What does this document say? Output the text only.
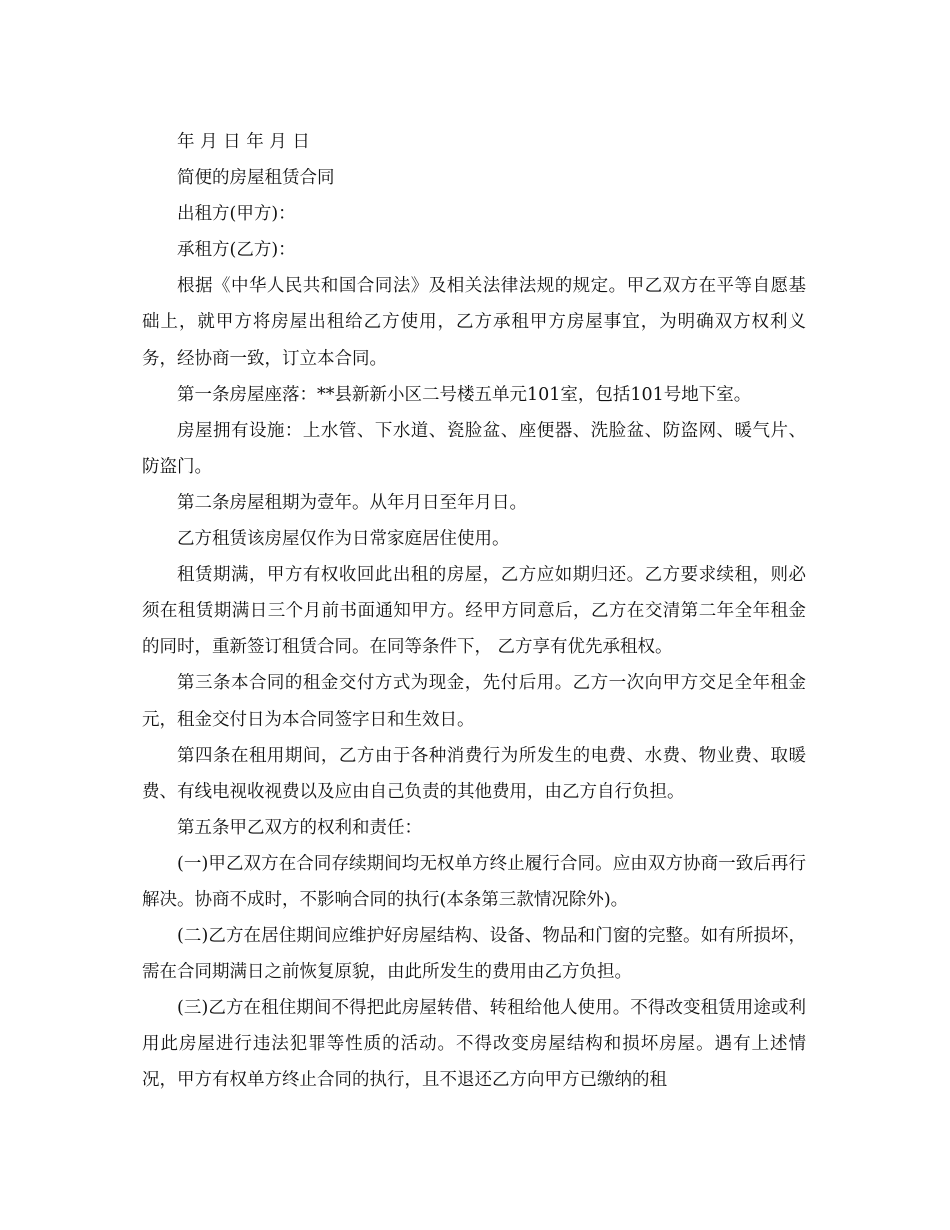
年 月 日 年 月 日

简便的房屋租赁合同

出租方(甲方)：

承租方(乙方)：

根据《中华人民共和国合同法》及相关法律法规的规定。甲乙双方在平等自愿基础上，就甲方将房屋出租给乙方使用，乙方承租甲方房屋事宜，为明确双方权利义务，经协商一致，订立本合同。

第一条房屋座落：**县新新小区二号楼五单元101室，包括101号地下室。

房屋拥有设施：上水管、下水道、瓷脸盆、座便器、洗脸盆、防盗网、暖气片、防盗门。

第二条房屋租期为壹年。从年月日至年月日。

乙方租赁该房屋仅作为日常家庭居住使用。

租赁期满，甲方有权收回此出租的房屋，乙方应如期归还。乙方要求续租，则必须在租赁期满日三个月前书面通知甲方。经甲方同意后，乙方在交清第二年全年租金的同时，重新签订租赁合同。在同等条件下， 乙方享有优先承租权。

第三条本合同的租金交付方式为现金，先付后用。乙方一次向甲方交足全年租金元，租金交付日为本合同签字日和生效日。

第四条在租用期间，乙方由于各种消费行为所发生的电费、水费、物业费、取暖费、有线电视收视费以及应由自己负责的其他费用，由乙方自行负担。

第五条甲乙双方的权利和责任：

(一)甲乙双方在合同存续期间均无权单方终止履行合同。应由双方协商一致后再行解决。协商不成时，不影响合同的执行(本条第三款情况除外)。

(二)乙方在居住期间应维护好房屋结构、设备、物品和门窗的完整。如有所损坏，需在合同期满日之前恢复原貌，由此所发生的费用由乙方负担。

(三)乙方在租住期间不得把此房屋转借、转租给他人使用。不得改变租赁用途或利用此房屋进行违法犯罪等性质的活动。不得改变房屋结构和损坏房屋。遇有上述情况，甲方有权单方终止合同的执行，且不退还乙方向甲方已缴纳的租
